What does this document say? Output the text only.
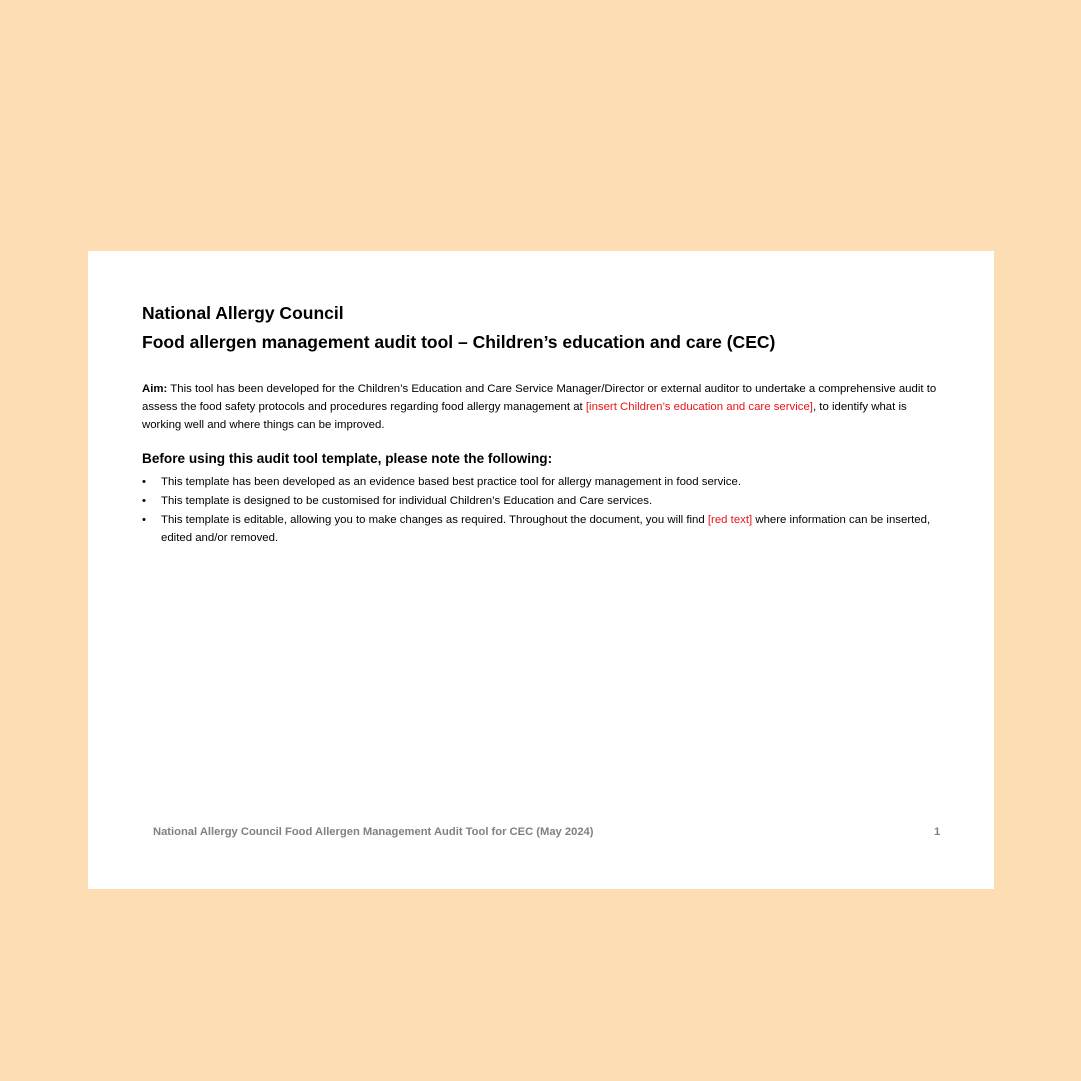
National Allergy Council
Food allergen management audit tool – Children’s education and care (CEC)
Aim: This tool has been developed for the Children’s Education and Care Service Manager/Director or external auditor to undertake a comprehensive audit to assess the food safety protocols and procedures regarding food allergy management at [insert Children’s education and care service], to identify what is working well and where things can be improved.
Before using this audit tool template, please note the following:
• This template has been developed as an evidence based best practice tool for allergy management in food service.
• This template is designed to be customised for individual Children’s Education and Care services.
• This template is editable, allowing you to make changes as required. Throughout the document, you will find [red text] where information can be inserted, edited and/or removed.
National Allergy Council Food Allergen Management Audit Tool for CEC (May 2024)	1
